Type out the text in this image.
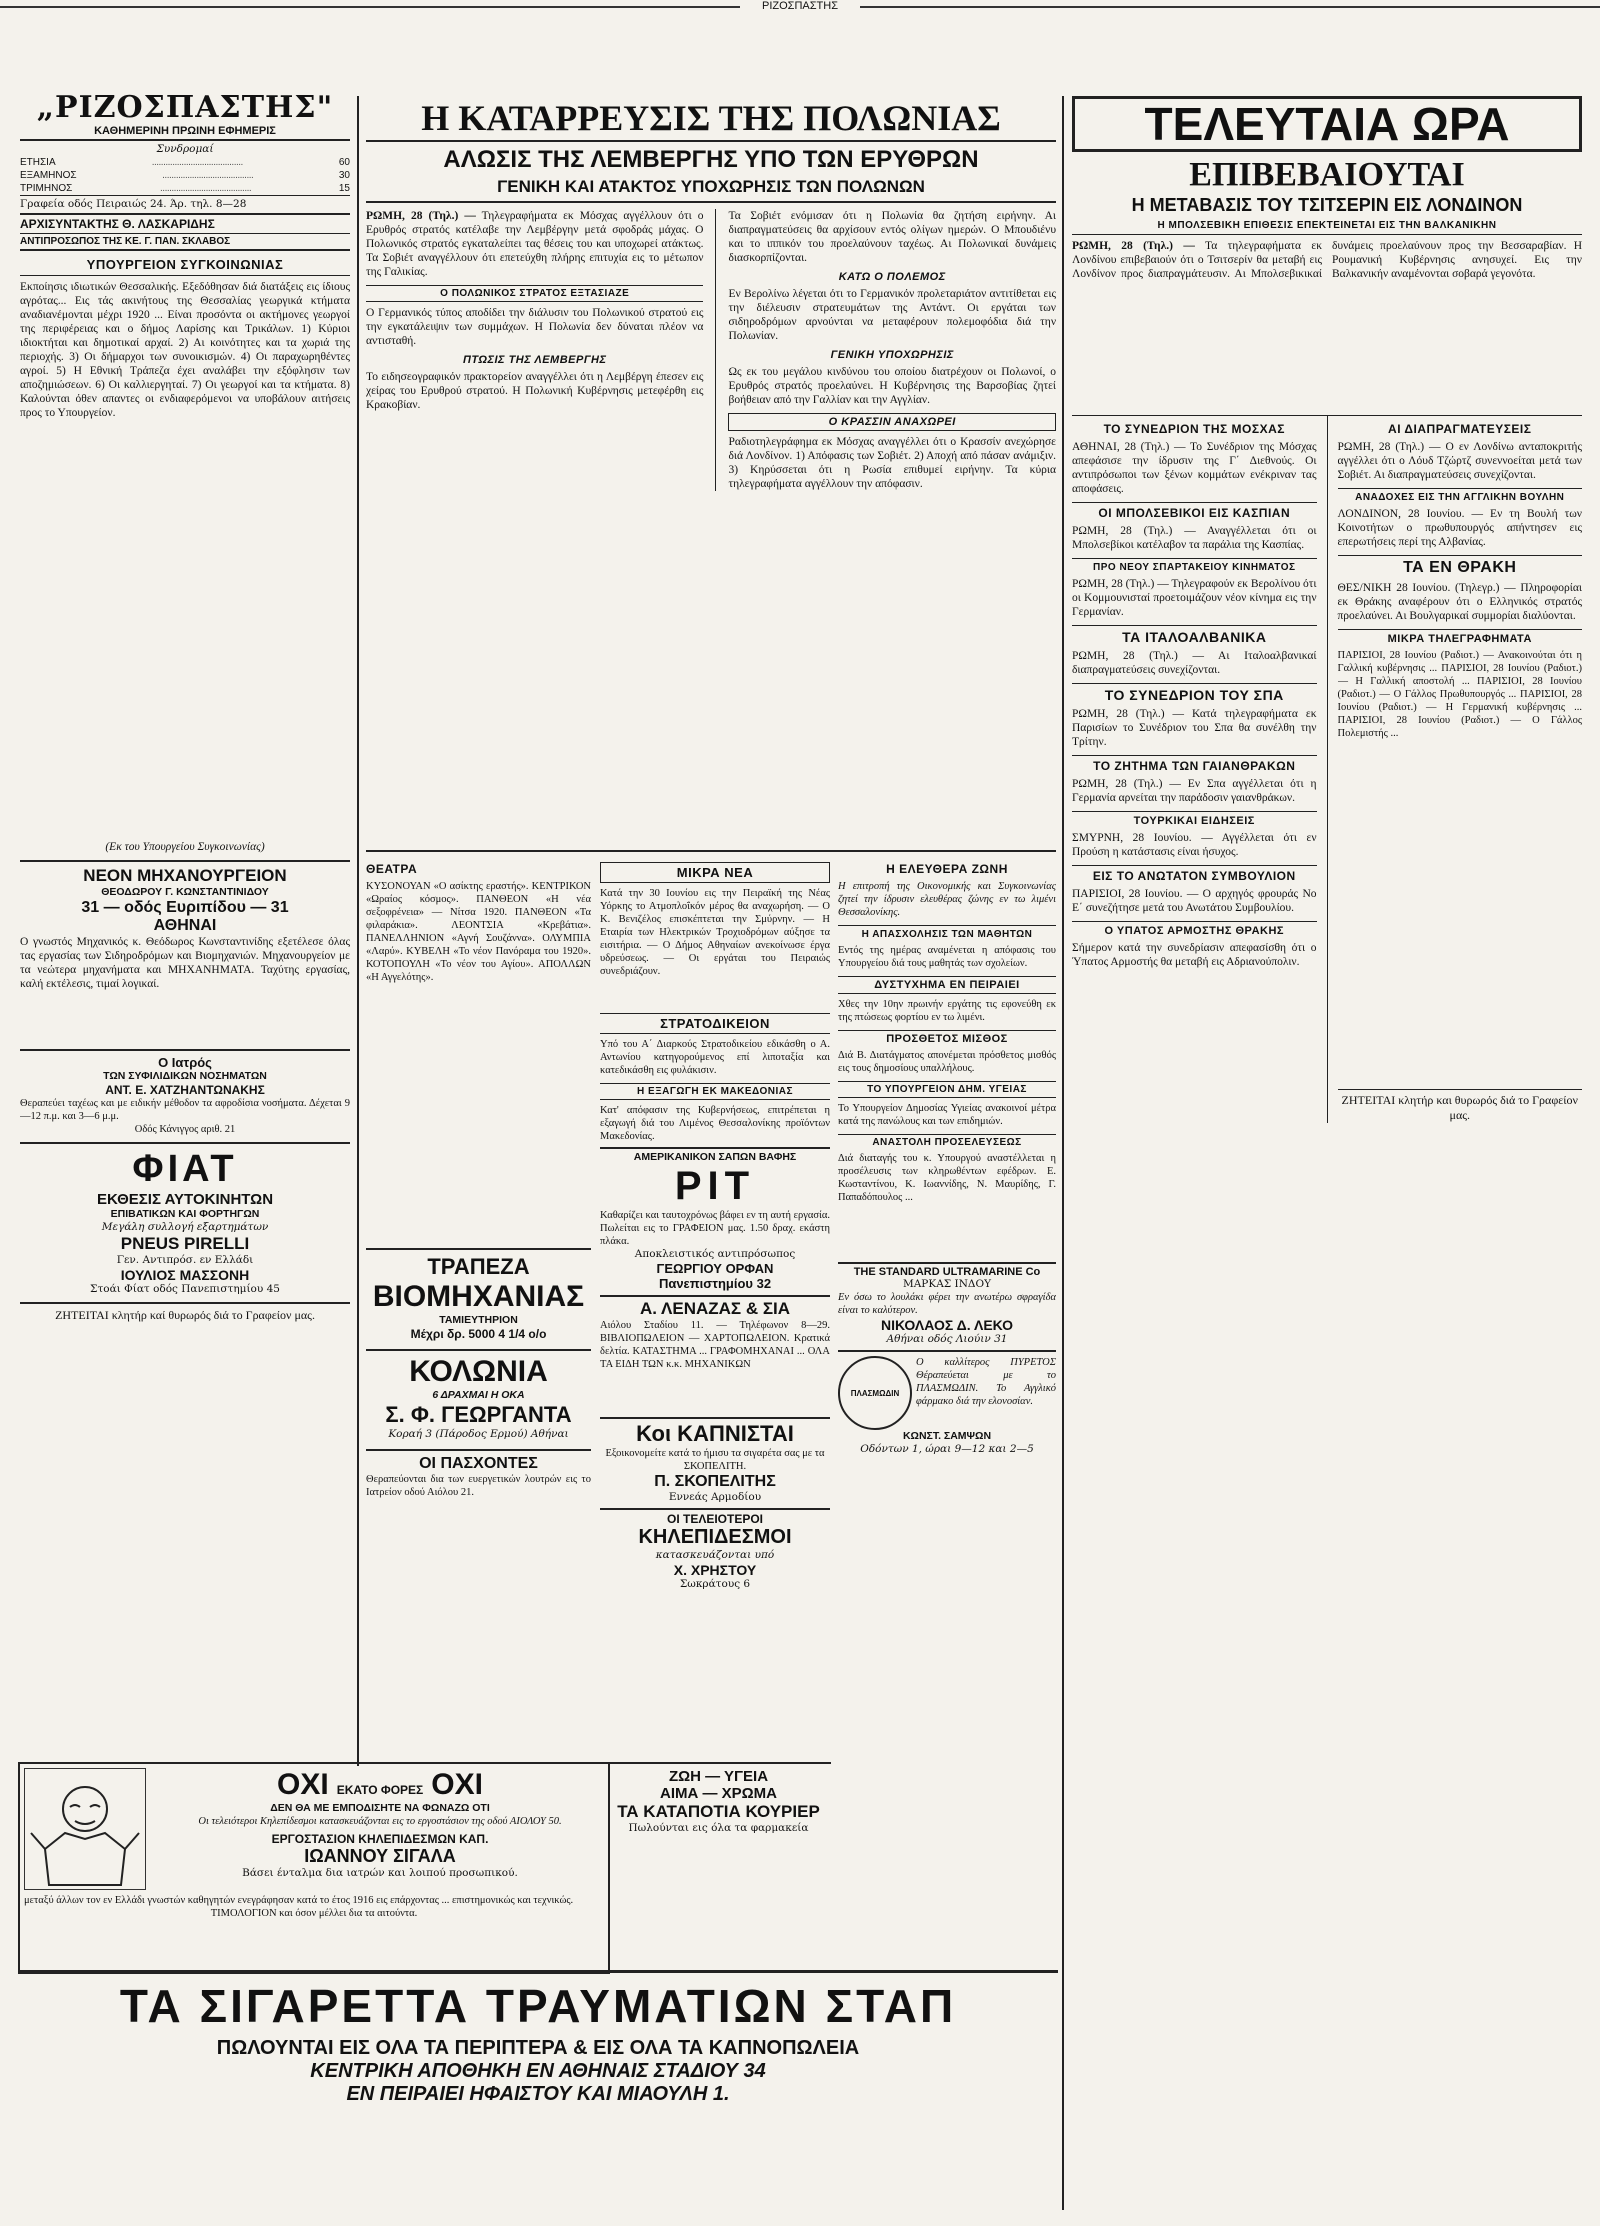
ΡΙΖΟΣΠΑΣΤΗΣ
„ΡΙΖΟΣΠΑΣΤΗΣ"
ΚΑΘΗΜΕΡΙΝΗ ΠΡΩΙΝΗ ΕΦΗΜΕΡΙΣ
Συνδρομαί
ΕΤΗΣΙΑ	........................................	60
ΕΞΑΜΗΝΟΣ	........................................	30
ΤΡΙΜΗΝΟΣ	........................................	15
Γραφεία οδός Πειραιώς 24. Άρ. τηλ. 8—28
ΑΡΧΙΣΥΝΤΑΚΤΗΣ Θ. ΛΑΣΚΑΡΙΔΗΣ
ΑΝΤΙΠΡΟΣΩΠΟΣ ΤΗΣ ΚΕ. Γ. ΠΑΝ. ΣΚΛΑΒΟΣ
ΥΠΟΥΡΓΕΙΟΝ ΣΥΓΚΟΙΝΩΝΙΑΣ
Εκποίησις ιδιωτικών Θεσσαλικής. Εξεδόθησαν διά διατάξεις εις ίδιους αγρότας... Εις τάς ακινήτους της Θεσσαλίας γεωργικά κτήματα αναδιανέμονται μέχρι 1920 ... Είναι προσόντα οι ακτήμονες γεωργοί της περιφέρειας και ο δήμος Λαρίσης και Τρικάλων. 1) Κύριοι ιδιοκτήται και δημοτικαί αρχαί. 2) Αι κοινότητες και τα χωριά της περιοχής. 3) Οι δήμαρχοι των συνοικισμών. 4) Οι παραχωρηθέντες αγροί. 5) Η Εθνική Τράπεζα έχει αναλάβει την εξόφλησιν των αποζημιώσεων. 6) Οι καλλιεργηταί. 7) Οι γεωργοί και τα κτήματα. 8) Καλούνται όθεν απαντες οι ενδιαφερόμενοι να υποβάλουν αιτήσεις προς το Υπουργείον.
(Εκ του Υπουργείου Συγκοινωνίας)
ΝΕΟΝ ΜΗΧΑΝΟΥΡΓΕΙΟΝ
ΘΕΟΔΩΡΟΥ Γ. ΚΩΝΣΤΑΝΤΙΝΙΔΟΥ
31 — οδός Ευριπίδου — 31
ΑΘΗΝΑΙ
Ο γνωστός Μηχανικός κ. Θεόδωρος Κωνσταντινίδης εξετέλεσε όλας τας εργασίας των Σιδηροδρόμων και Βιομηχανιών. Μηχανουργείον με τα νεώτερα μηχανήματα και ΜΗΧΑΝΗΜΑΤΑ. Ταχύτης εργασίας, καλή εκτέλεσις, τιμαί λογικαί.
Ο Ιατρός
ΤΩΝ ΣΥΦΙΛΙΔΙΚΩΝ ΝΟΣΗΜΑΤΩΝ
ΑΝΤ. Ε. ΧΑΤΖΗΑΝΤΩΝΑΚΗΣ
Θεραπεύει ταχέως και με ειδικήν μέθοδον τα αφροδίσια νοσήματα. Δέχεται 9—12 π.μ. και 3—6 μ.μ.
Οδός Κάνιγγος αριθ. 21
ΦΙΑΤ
ΕΚΘΕΣΙΣ ΑΥΤΟΚΙΝΗΤΩΝ
ΕΠΙΒΑΤΙΚΩΝ ΚΑΙ ΦΟΡΤΗΓΩΝ
Μεγάλη συλλογή εξαρτημάτων
PNEUS PIRELLI
Γεν. Αντιπρόσ. εν Ελλάδι
ΙΟΥΛΙΟΣ ΜΑΣΣΟΝΗ
Στοάι Φίατ οδός Πανεπιστημίου 45
ΖΗΤΕΙΤΑΙ κλητήρ καί θυρωρός διά το Γραφείον μας.
Η ΚΑΤΑΡΡΕΥΣΙΣ ΤΗΣ ΠΟΛΩΝΙΑΣ
ΑΛΩΣΙΣ ΤΗΣ ΛΕΜΒΕΡΓΗΣ ΥΠΟ ΤΩΝ ΕΡΥΘΡΩΝ
ΓΕΝΙΚΗ ΚΑΙ ΑΤΑΚΤΟΣ ΥΠΟΧΩΡΗΣΙΣ ΤΩΝ ΠΟΛΩΝΩΝ
ΡΩΜΗ, 28 (Τηλ.) — Τηλεγραφήματα εκ Μόσχας αγγέλλουν ότι ο Ερυθρός στρατός κατέλαβε την Λεμβέργην μετά σφοδράς μάχας. Ο Πολωνικός στρατός εγκαταλείπει τας θέσεις του και υποχωρεί ατάκτως. Τα Σοβιέτ αναγγέλλουν ότι επετεύχθη πλήρης επιτυχία εις το μέτωπον της Γαλικίας.
Ο ΠΟΛΩΝΙΚΟΣ ΣΤΡΑΤΟΣ ΕΞΤΑΣΙΑΖΕ
Ο Γερμανικός τύπος αποδίδει την διάλυσιν του Πολωνικού στρατού εις την εγκατάλειψιν των συμμάχων. Η Πολωνία δεν δύναται πλέον να αντισταθή.
ΠΤΩΣΙΣ ΤΗΣ ΛΕΜΒΕΡΓΗΣ
Το ειδησεογραφικόν πρακτορείον αναγγέλλει ότι η Λεμβέργη έπεσεν εις χείρας του Ερυθρού στρατού. Η Πολωνική Κυβέρνησις μετεφέρθη εις Κρακοβίαν.
Τα Σοβιέτ ενόμισαν ότι η Πολωνία θα ζητήση ειρήνην. Αι διαπραγματεύσεις θα αρχίσουν εντός ολίγων ημερών. Ο Μπουδιένυ και το ιππικόν του προελαύνουν ταχέως. Αι Πολωνικαί δυνάμεις διασκορπίζονται.
ΚΑΤΩ Ο ΠΟΛΕΜΟΣ
Εν Βερολίνω λέγεται ότι το Γερμανικόν προλεταριάτον αντιτίθεται εις την διέλευσιν στρατευμάτων της Αντάντ. Οι εργάται των σιδηροδρόμων αρνούνται να μεταφέρουν πολεμοφόδια διά την Πολωνίαν.
ΓΕΝΙΚΗ ΥΠΟΧΩΡΗΣΙΣ
Ως εκ του μεγάλου κινδύνου του οποίου διατρέχουν οι Πολωνοί, ο Ερυθρός στρατός προελαύνει. Η Κυβέρνησις της Βαρσοβίας ζητεί βοήθειαν από την Γαλλίαν και την Αγγλίαν.
Ο ΚΡΑΣΣΙΝ ΑΝΑΧΩΡΕΙ
Ραδιοτηλεγράφημα εκ Μόσχας αναγγέλλει ότι ο Κρασσίν ανεχώρησε διά Λονδίνον. 1) Απόφασις των Σοβιέτ. 2) Αποχή από πάσαν ανάμιξιν. 3) Κηρύσσεται ότι η Ρωσία επιθυμεί ειρήνην. Τα κύρια τηλεγραφήματα αγγέλλουν την απόφασιν.
ΘΕΑΤΡΑ
ΚΥΣΟΝΟΥΑΝ «Ο ασίκτης εραστής». ΚΕΝΤΡΙΚΟΝ «Ωραίος κόσμος». ΠΑΝΘΕΟΝ «Η νέα σεξοφρένεια» — Νίτσα 1920. ΠΑΝΘΕΟΝ «Τα φιλαράκια». ΛΕΟΝΤΣΙΑ «Κρεβάτια». ΠΑΝΕΛΛΗΝΙΟΝ «Αγνή Σουζάννα». ΟΛΥΜΠΙΑ «Λαρύ». ΚΥΒΕΛΗ «Το νέον Πανόραμα του 1920». ΚΟΤΟΠΟΥΛΗ «Το νέον του Αγίου». ΑΠΟΛΛΩΝ «Η Αγγελότης».
ΤΡΑΠΕΖΑ
ΒΙΟΜΗΧΑΝΙΑΣ
ΤΑΜΙΕΥΤΗΡΙΟΝ
Μέχρι δρ. 5000 4 1/4 ο/ο
ΚΟΛΩΝΙΑ
6 ΔΡΑΧΜΑΙ Η ΟΚΑ
Σ. Φ. ΓΕΩΡΓΑΝΤΑ
Κοραή 3 (Πάροδος Ερμού) Αθήναι
ΟΙ ΠΑΣΧΟΝΤΕΣ
Θεραπεύονται δια των ευεργετικών λουτρών εις το Ιατρείον οδού Αιόλου 21.
ΜΙΚΡΑ ΝΕΑ
Κατά την 30 Ιουνίου εις την Πειραϊκή της Νέας Υόρκης το Ατμοπλοΐκόν μέρος θα αναχωρήση. — Ο Κ. Βενιζέλος επισκέπτεται την Σμύρνην. — Η Εταιρία των Ηλεκτρικών Τροχιοδρόμων αύξησε τα εισιτήρια. — Ο Δήμος Αθηναίων ανεκοίνωσε έργα υδρεύσεως. — Οι εργάται του Πειραιώς συνεδριάζουν.
ΣΤΡΑΤΟΔΙΚΕΙΟΝ
Υπό του Α΄ Διαρκούς Στρατοδικείου εδικάσθη ο Α. Αντωνίου κατηγορούμενος επί λιποταξία και κατεδικάσθη εις φυλάκισιν.
Η ΕΞΑΓΩΓΗ ΕΚ ΜΑΚΕΔΟΝΙΑΣ
Κατ' απόφασιν της Κυβερνήσεως, επιτρέπεται η εξαγωγή διά του Λιμένος Θεσσαλονίκης προϊόντων Μακεδονίας.
ΑΜΕΡΙΚΑΝΙΚΟΝ ΣΑΠΩΝ ΒΑΦΗΣ
ΡΙΤ
Καθαρίζει και ταυτοχρόνως βάφει εν τη αυτή εργασία. Πωλείται εις το ΓΡΑΦΕΙΟΝ μας. 1.50 δραχ. εκάστη πλάκα.
Αποκλειστικός αντιπρόσωπος
ΓΕΩΡΓΙΟΥ ΟΡΦΑΝ
Πανεπιστημίου 32
Α. ΛΕΝΑΖΑΣ & ΣΙΑ
Αιόλου Σταδίου 11. — Τηλέφωνον 8—29. ΒΙΒΛΙΟΠΩΛΕΙΟΝ — ΧΑΡΤΟΠΩΛΕΙΟΝ. Κρατικά δελτία. ΚΑΤΑΣΤΗΜΑ ... ΓΡΑΦΟΜΗΧΑΝΑΙ ... ΟΛΑ ΤΑ ΕΙΔΗ ΤΩΝ κ.κ. ΜΗΧΑΝΙΚΩΝ
Κοι ΚΑΠΝΙΣΤΑΙ
Εξοικονομείτε κατά το ήμισυ τα σιγαρέτα σας με τα ΣΚΟΠΕΛΙΤΗ.
Π. ΣΚΟΠΕΛΙΤΗΣ
Εννεάς Αρμοδίου
ΟΙ ΤΕΛΕΙΟΤΕΡΟΙ
ΚΗΛΕΠΙΔΕΣΜΟΙ
κατασκευάζονται υπό
Χ. ΧΡΗΣΤΟΥ
Σωκράτους 6
Η ΕΛΕΥΘΕΡΑ ΖΩΝΗ
Η επιτροπή της Οικονομικής και Συγκοινωνίας ζητεί την ίδρυσιν ελευθέρας ζώνης εν τω λιμένι Θεσσαλονίκης.
Η ΑΠΑΣΧΟΛΗΣΙΣ ΤΩΝ ΜΑΘΗΤΩΝ
Εντός της ημέρας αναμένεται η απόφασις του Υπουργείου διά τους μαθητάς των σχολείων.
ΔΥΣΤΥΧΗΜΑ ΕΝ ΠΕΙΡΑΙΕΙ
Χθες την 10ην πρωινήν εργάτης τις εφονεύθη εκ της πτώσεως φορτίου εν τω λιμένι.
ΠΡΟΣΘΕΤΟΣ ΜΙΣΘΟΣ
Διά Β. Διατάγματος απονέμεται πρόσθετος μισθός εις τους δημοσίους υπαλλήλους.
ΤΟ ΥΠΟΥΡΓΕΙΟΝ ΔΗΜ. ΥΓΕΙΑΣ
Το Υπουργείον Δημοσίας Υγιείας ανακοινοί μέτρα κατά της πανώλους και των επιδημιών.
ΑΝΑΣΤΟΛΗ ΠΡΟΣΕΛΕΥΣΕΩΣ
Διά διαταγής του κ. Υπουργού αναστέλλεται η προσέλευσις των κληρωθέντων εφέδρων. Ε. Κωσταντίνου, Κ. Ιωαννίδης, Ν. Μαυρίδης, Γ. Παπαδόπουλος ...
THE STANDARD ULTRAMARINE Co
ΜΑΡΚΑΣ ΙΝΔΟΥ
Εν όσω το λουλάκι φέρει την ανωτέρω σφραγίδα είναι το καλύτερον.
ΝΙΚΟΛΑΟΣ Δ. ΛΕΚΟ
Αθήναι οδός Λιούιν 31
ΠΛΑΣΜΩΔΙΝ
Ο καλλίτερος ΠΥΡΕΤΟΣ Θέραπεύεται με το ΠΛΑΣΜΩΔΙΝ. Το Αγγλικό φάρμακο διά την ελονοσίαν.
ΚΩΝΣΤ. ΣΑΜΨΩΝ
Οδόντων 1, ώραι 9—12 και 2—5
ΟΧΙ ΕΚΑΤΟ ΦΟΡΕΣ ΟΧΙ
ΔΕΝ ΘΑ ΜΕ ΕΜΠΟΔΙΣΗΤΕ ΝΑ ΦΩΝΑΖΩ ΟΤΙ
Οι τελειότεροι Κηλεπίδεσμοι κατασκευάζονται εις το εργοστάσιον της οδού ΑΙΟΛΟΥ 50.
ΕΡΓΟΣΤΑΣΙΟΝ ΚΗΛΕΠΙΔΕΣΜΩΝ ΚΑΠ.
ΙΩΑΝΝΟΥ ΣΙΓΑΛΑ
Βάσει ένταλμα δια ιατρών και λοιπού προσωπικού.
μεταξύ άλλων τον εν Ελλάδι γνωστών καθηγητών ενεγράφησαν κατά το έτος 1916 εις επάρχοντας ... επιστημονικώς και τεχνικώς.
ΤΙΜΟΛΟΓΙΟΝ και όσον μέλλει δια τα αιτούντα.
ΖΩΗ — ΥΓΕΙΑ
ΑΙΜΑ — ΧΡΩΜΑ
ΤΑ ΚΑΤΑΠΟΤΙΑ ΚΟΥΡΙΕΡ
Πωλούνται εις όλα τα φαρμακεία
ΤΑ ΣΙΓΑΡΕΤΤΑ ΤΡΑΥΜΑΤΙΩΝ ΣΤΑΠ
ΠΩΛΟΥΝΤΑΙ ΕΙΣ ΟΛΑ ΤΑ ΠΕΡΙΠΤΕΡΑ & ΕΙΣ ΟΛΑ ΤΑ ΚΑΠΝΟΠΩΛΕΙΑ
ΚΕΝΤΡΙΚΗ ΑΠΟΘΗΚΗ ΕΝ ΑΘΗΝΑΙΣ ΣΤΑΔΙΟΥ 34
ΕΝ ΠΕΙΡΑΙΕΙ ΗΦΑΙΣΤΟΥ ΚΑΙ ΜΙΑΟΥΛΗ 1.
ΤΕΛΕΥΤΑΙΑ ΩΡΑ
ΕΠΙΒΕΒΑΙΟΥΤΑΙ
Η ΜΕΤΑΒΑΣΙΣ ΤΟΥ ΤΣΙΤΣΕΡΙΝ ΕΙΣ ΛΟΝΔΙΝΟΝ
Η ΜΠΟΛΣΕΒΙΚΗ ΕΠΙΘΕΣΙΣ ΕΠΕΚΤΕΙΝΕΤΑΙ ΕΙΣ ΤΗΝ ΒΑΛΚΑΝΙΚΗΝ
ΡΩΜΗ, 28 (Τηλ.) — Τα τηλεγραφήματα εκ Λονδίνου επιβεβαιούν ότι ο Τσιτσερίν θα μεταβή εις Λονδίνον προς διαπραγμάτευσιν. Αι Μπολσεβικικαί δυνάμεις προελαύνουν προς την Βεσσαραβίαν. Η Ρουμανική Κυβέρνησις ανησυχεί. Εις την Βαλκανικήν αναμένονται σοβαρά γεγονότα.
ΤΟ ΣΥΝΕΔΡΙΟΝ ΤΗΣ ΜΟΣΧΑΣ
ΑΘΗΝΑΙ, 28 (Τηλ.) — Το Συνέδριον της Μόσχας απεφάσισε την ίδρυσιν της Γ΄ Διεθνούς. Οι αντιπρόσωποι των ξένων κομμάτων ενέκριναν τας αποφάσεις.
ΟΙ ΜΠΟΛΣΕΒΙΚΟΙ ΕΙΣ ΚΑΣΠΙΑΝ
ΡΩΜΗ, 28 (Τηλ.) — Αναγγέλλεται ότι οι Μπολσεβίκοι κατέλαβον τα παράλια της Κασπίας.
ΠΡΟ ΝΕΟΥ ΣΠΑΡΤΑΚΕΙΟΥ ΚΙΝΗΜΑΤΟΣ
ΡΩΜΗ, 28 (Τηλ.) — Τηλεγραφούν εκ Βερολίνου ότι οι Κομμουνισταί προετοιμάζουν νέον κίνημα εις την Γερμανίαν.
ΤΑ ΙΤΑΛΟΑΛΒΑΝΙΚΑ
ΡΩΜΗ, 28 (Τηλ.) — Αι Ιταλοαλβανικαί διαπραγματεύσεις συνεχίζονται.
ΤΟ ΣΥΝΕΔΡΙΟΝ ΤΟΥ ΣΠΑ
ΡΩΜΗ, 28 (Τηλ.) — Κατά τηλεγραφήματα εκ Παρισίων το Συνέδριον του Σπα θα συνέλθη την Τρίτην.
ΤΟ ΖΗΤΗΜΑ ΤΩΝ ΓΑΙΑΝΘΡΑΚΩΝ
ΡΩΜΗ, 28 (Τηλ.) — Εν Σπα αγγέλλεται ότι η Γερμανία αρνείται την παράδοσιν γαιανθράκων.
ΤΟΥΡΚΙΚΑΙ ΕΙΔΗΣΕΙΣ
ΣΜΥΡΝΗ, 28 Ιουνίου. — Αγγέλλεται ότι εν Προύση η κατάστασις είναι ήσυχος.
ΕΙΣ ΤΟ ΑΝΩΤΑΤΟΝ ΣΥΜΒΟΥΛΙΟΝ
ΠΑΡΙΣΙΟΙ, 28 Ιουνίου. — Ο αρχηγός φρουράς Νο Ε΄ συνεζήτησε μετά του Ανωτάτου Συμβουλίου.
Ο ΥΠΑΤΟΣ ΑΡΜΟΣΤΗΣ ΘΡΑΚΗΣ
Σήμερον κατά την συνεδρίασιν απεφασίσθη ότι ο Ύπατος Αρμοστής θα μεταβή εις Αδριανούπολιν.
ΑΙ ΔΙΑΠΡΑΓΜΑΤΕΥΣΕΙΣ
ΡΩΜΗ, 28 (Τηλ.) — Ο εν Λονδίνω ανταποκριτής αγγέλλει ότι ο Λόυδ Τζώρτζ συνεννοείται μετά των Σοβιέτ. Αι διαπραγματεύσεις συνεχίζονται.
ΑΝΑΔΟΧΕΣ ΕΙΣ ΤΗΝ ΑΓΓΛΙΚΗΝ ΒΟΥΛΗΝ
ΛΟΝΔΙΝΟΝ, 28 Ιουνίου. — Εν τη Βουλή των Κοινοτήτων ο πρωθυπουργός απήντησεν εις επερωτήσεις περί της Αλβανίας.
ΤΑ ΕΝ ΘΡΑΚΗ
ΘΕΣ/ΝΙΚΗ 28 Ιουνίου. (Τηλεγρ.) — Πληροφορίαι εκ Θράκης αναφέρουν ότι ο Ελληνικός στρατός προελαύνει. Αι Βουλγαρικαί συμμορίαι διαλύονται.
ΜΙΚΡΑ ΤΗΛΕΓΡΑΦΗΜΑΤΑ
ΠΑΡΙΣΙΟΙ, 28 Ιουνίου (Ραδιοτ.) — Ανακοινούται ότι η Γαλλική κυβέρνησις ... ΠΑΡΙΣΙΟΙ, 28 Ιουνίου (Ραδιοτ.) — Η Γαλλική αποστολή ... ΠΑΡΙΣΙΟΙ, 28 Ιουνίου (Ραδιοτ.) — Ο Γάλλος Πρωθυπουργός ... ΠΑΡΙΣΙΟΙ, 28 Ιουνίου (Ραδιοτ.) — Η Γερμανική κυβέρνησις ... ΠΑΡΙΣΙΟΙ, 28 Ιουνίου (Ραδιοτ.) — Ο Γάλλος Πολεμιστής ...
ΖΗΤΕΙΤΑΙ κλητήρ και θυρωρός διά το Γραφείον μας.
